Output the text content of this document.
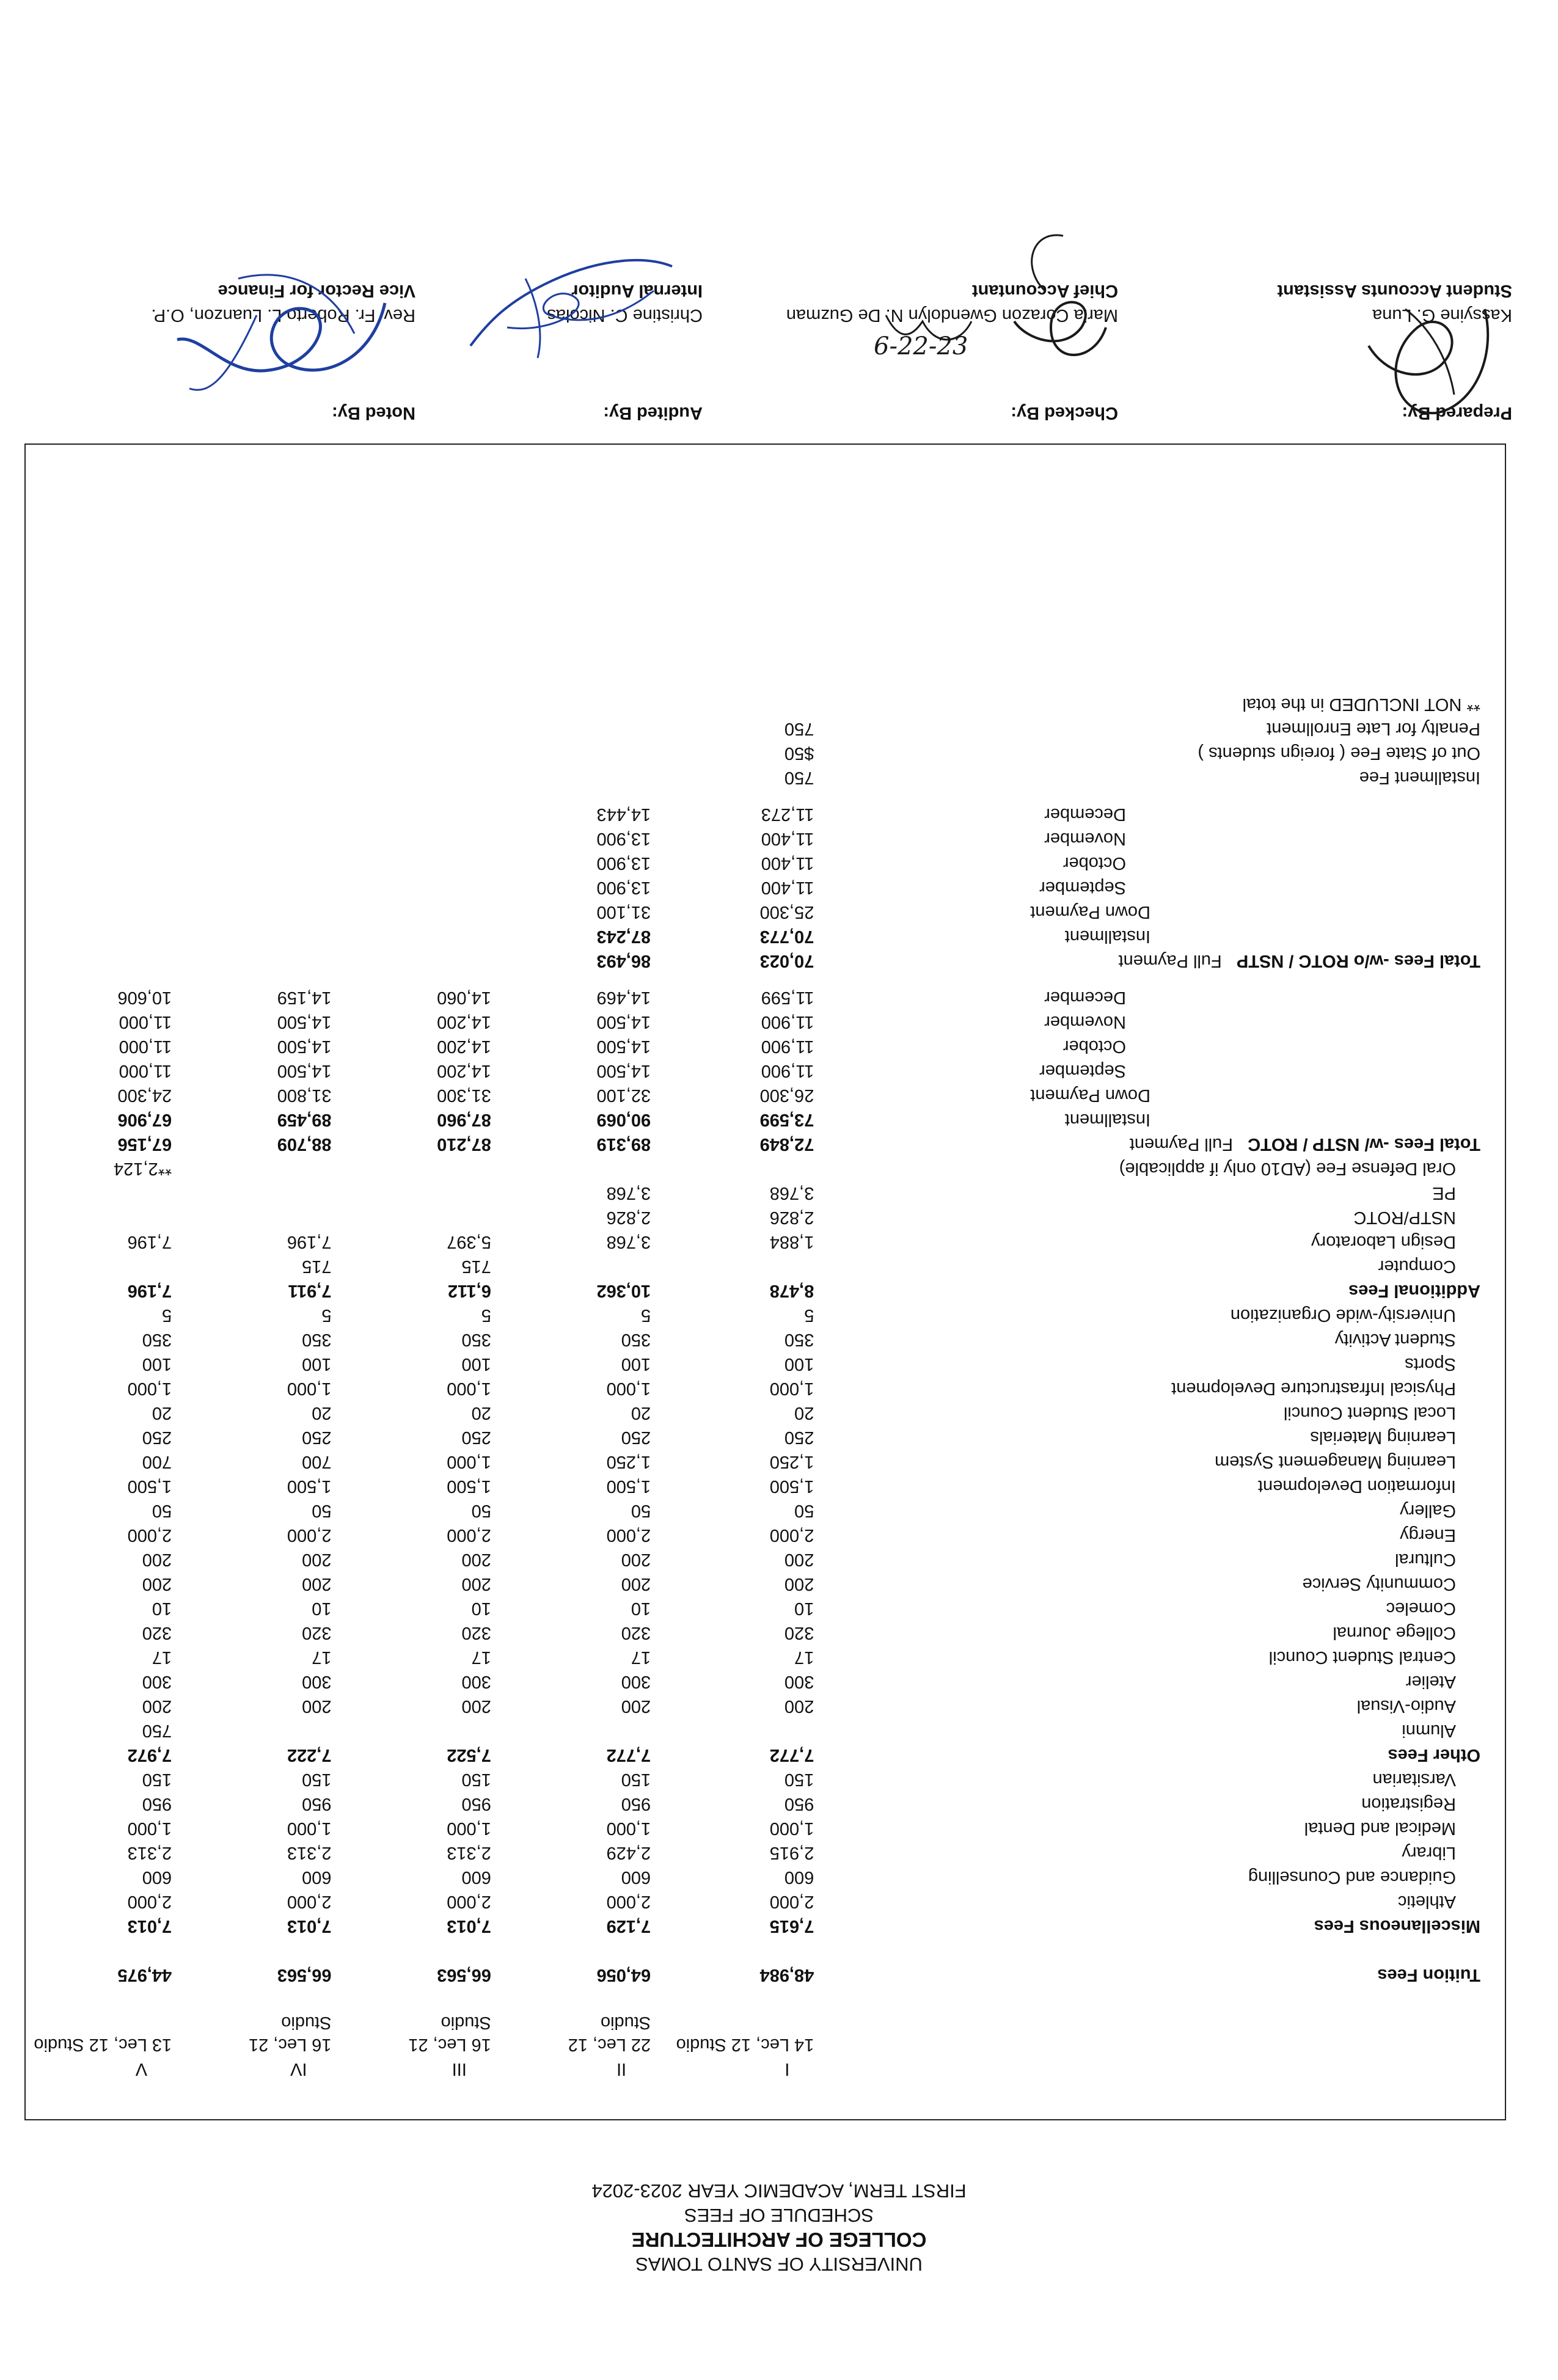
UNIVERSITY OF SANTO TOMAS
COLLEGE OF ARCHITECTURE
SCHEDULE OF FEES
FIRST TERM, ACADEMIC YEAR 2023-2024
	I	II	III	IV	V
	14 Lec, 12 Studio	22 Lec, 12	16 Lec, 21	16 Lec, 21	13 Lec, 12 Studio
		Studio	Studio	Studio	

Tuition Fees	48,984	64,056	66,563	66,563	44,975

Miscellaneous Fees	7,615	7,129	7,013	7,013	7,013
Athletic	2,000	2,000	2,000	2,000	2,000
Guidance and Counselling	600	600	600	600	600
Library	2,915	2,429	2,313	2,313	2,313
Medical and Dental	1,000	1,000	1,000	1,000	1,000
Registration	950	950	950	950	950
Varsitarian	150	150	150	150	150
Other Fees	7,772	7,772	7,522	7,222	7,972
Alumni					750
Audio-Visual	200	200	200	200	200
Atelier	300	300	300	300	300
Central Student Council	17	17	17	17	17
College Journal	320	320	320	320	320
Comelec	10	10	10	10	10
Community Service	200	200	200	200	200
Cultural	200	200	200	200	200
Energy	2,000	2,000	2,000	2,000	2,000
Gallery	50	50	50	50	50
Information Development	1,500	1,500	1,500	1,500	1,500
Learning Management System	1,250	1,250	1,000	700	700
Learning Materials	250	250	250	250	250
Local Student Council	20	20	20	20	20
Physical Infrastructure Development	1,000	1,000	1,000	1,000	1,000
Sports	100	100	100	100	100
Student Activity	350	350	350	350	350
University-wide Organization	5	5	5	5	5
Additional Fees	8,478	10,362	6,112	7,911	7,196
Computer			715	715	
Design Laboratory	1,884	3,768	5,397	7,196	7,196
NSTP/ROTC	2,826	2,826			
PE	3,768	3,768			
Oral Defense Fee (AD10 only if applicable)					**2,124
Total Fees -w/ NSTP / ROTC   Full Payment	72,849	89,319	87,210	88,709	67,156
Installment	73,599	90,069	87,960	89,459	67,906
Down Payment	26,300	32,100	31,300	31,800	24,300
September	11,900	14,500	14,200	14,500	11,000
October	11,900	14,500	14,200	14,500	11,000
November	11,900	14,500	14,200	14,500	11,000
December	11,599	14,469	14,060	14,159	10,606

Total Fees -w/o ROTC / NSTP   Full Payment	70,023	86,493			
Installment	70,773	87,243			
Down Payment	25,300	31,100			
September	11,400	13,900			
October	11,400	13,900			
November	11,400	13,900			
December	11,273	14,443			

Installment Fee	750				
Out of State Fee ( foreign students )	$50				
Penalty for Late Enrollment	750				
** NOT INCLUDED in the total					
Prepared By:
Kassyine G. Luna
Student Accounts Assistant
Checked By:
Maria Corazon Gwendolyn N. De Guzman
Chief Accountant
Audited By:
Christine C. Nicolas
Internal Auditor
Noted By:
Rev. Fr. Roberto L. Luanzon, O.P.
Vice Rector for Finance
6-22-23
